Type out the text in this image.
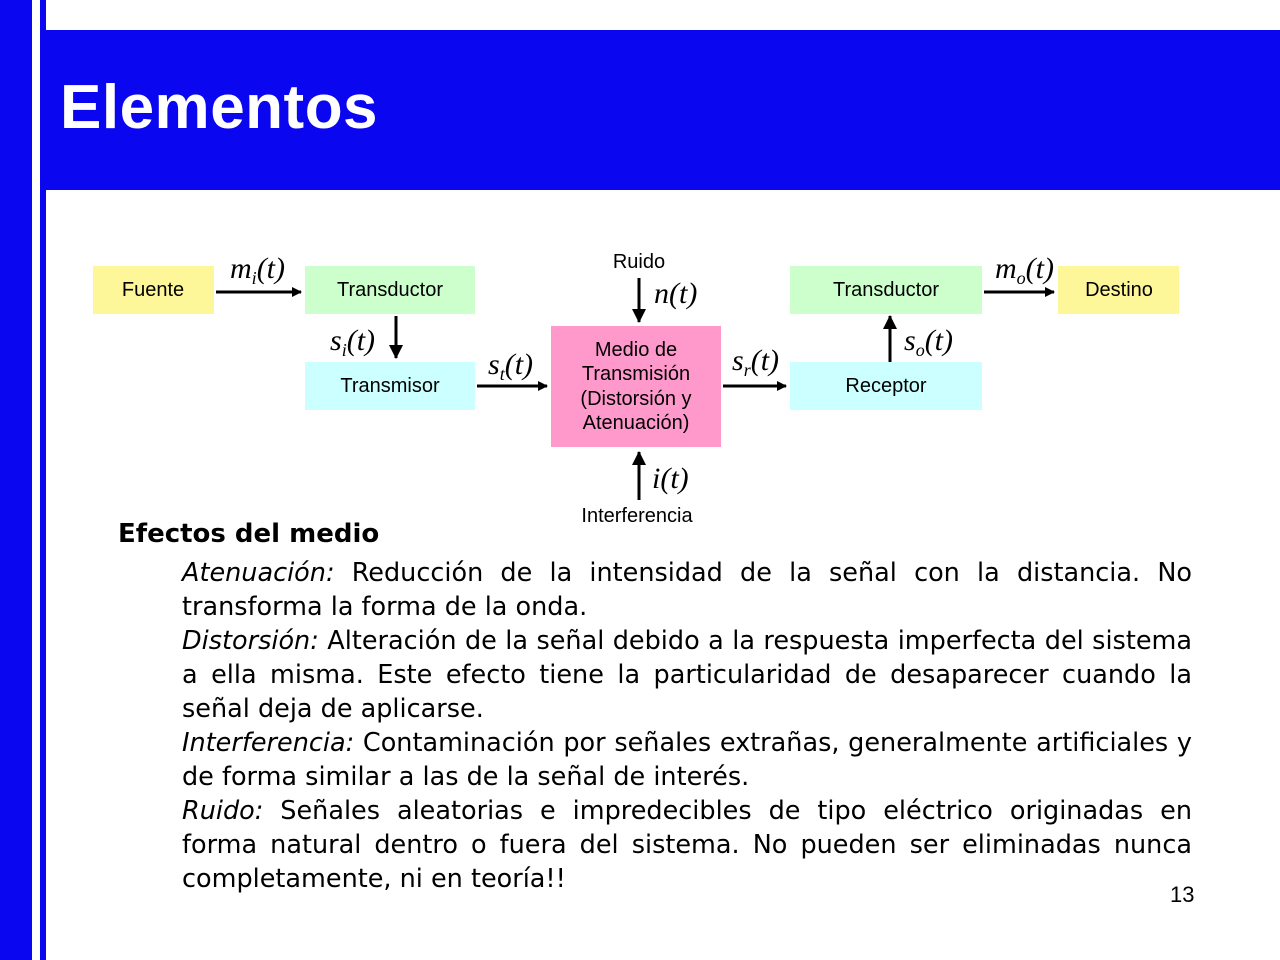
Elementos
Fuente	Transductor
Transmisor
Medio de
Transmisión
(Distorsión y
Atenuación)
Receptor
Transductor	Destino
Ruido
Interferencia
$m_i(t)$
$s_i(t)$
$s_t(t)$
n(t)
i(t)
$s_r(t)$
$s_o(t)$
$m_o(t)$

Efectos del medio

Atenuación: Reducción de la intensidad de la señal con la distancia. No transforma la forma de la onda.

Distorsión: Alteración de la señal debido a la respuesta imperfecta del sistema a ella misma. Este efecto tiene la particularidad de desaparecer cuando la señal deja de aplicarse.

Interferencia: Contaminación por señales extrañas, generalmente artificiales y de forma similar a las de la señal de interés.

Ruido: Señales aleatorias e impredecibles de tipo eléctrico originadas en forma natural dentro o fuera del sistema. No pueden ser eliminadas nunca completamente, ni en teoría!!

13
